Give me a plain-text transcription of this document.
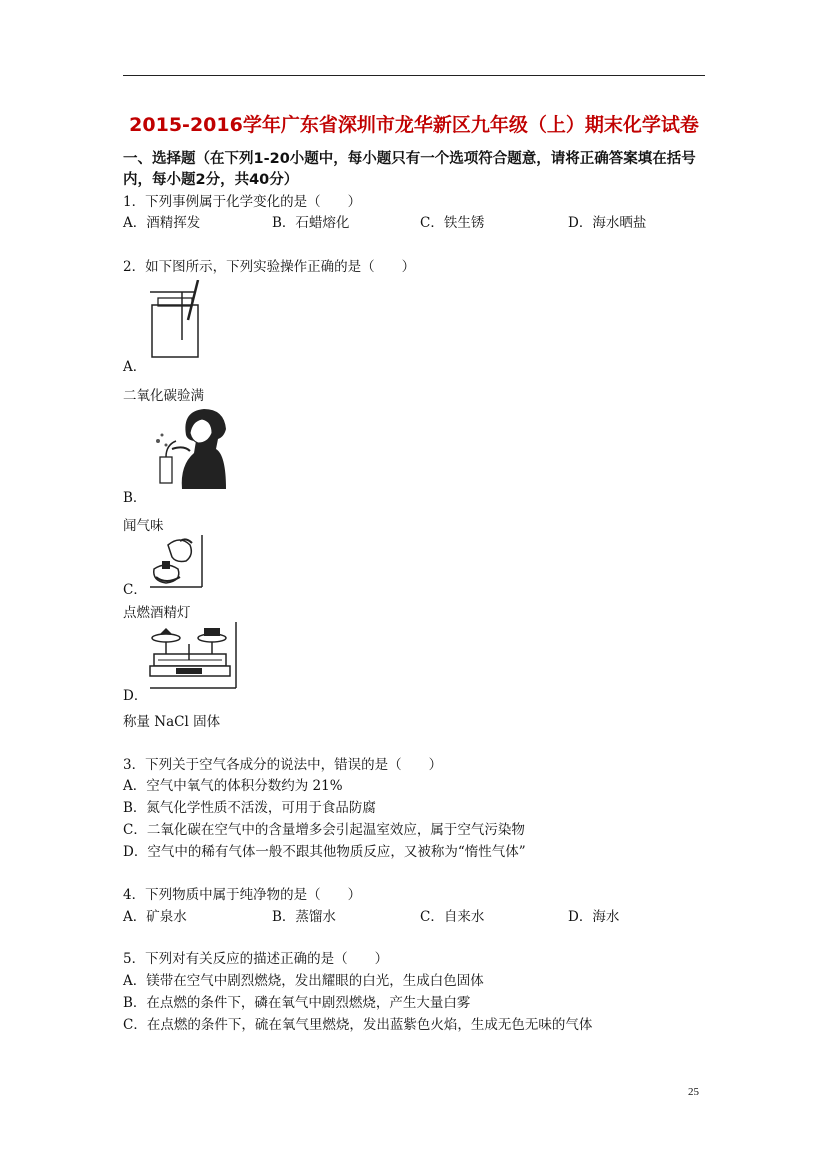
2015-2016学年广东省深圳市龙华新区九年级（上）期末化学试卷
一、选择题（在下列1-20小题中，每小题只有一个选项符合题意，请将正确答案填在括号
内，每小题2分，共40分）
1．下列事例属于化学变化的是（　　）
A．酒精挥发	B．石蜡熔化	C．铁生锈	D．海水晒盐
2．如下图所示，下列实验操作正确的是（　　）
A．
二氧化碳验满
B．
闻气味
C．
点燃酒精灯
D．
称量 NaCl 固体
3．下列关于空气各成分的说法中，错误的是（　　）
A．空气中氧气的体积分数约为 21%
B．氮气化学性质不活泼，可用于食品防腐
C．二氧化碳在空气中的含量增多会引起温室效应，属于空气污染物
D．空气中的稀有气体一般不跟其他物质反应，又被称为“惰性气体”
4．下列物质中属于纯净物的是（　　）
A．矿泉水	B．蒸馏水	C．自来水	D．海水
5．下列对有关反应的描述正确的是（　　）
A．镁带在空气中剧烈燃烧，发出耀眼的白光，生成白色固体
B．在点燃的条件下，磷在氧气中剧烈燃烧，产生大量白雾
C．在点燃的条件下，硫在氧气里燃烧，发出蓝紫色火焰，生成无色无味的气体
25
